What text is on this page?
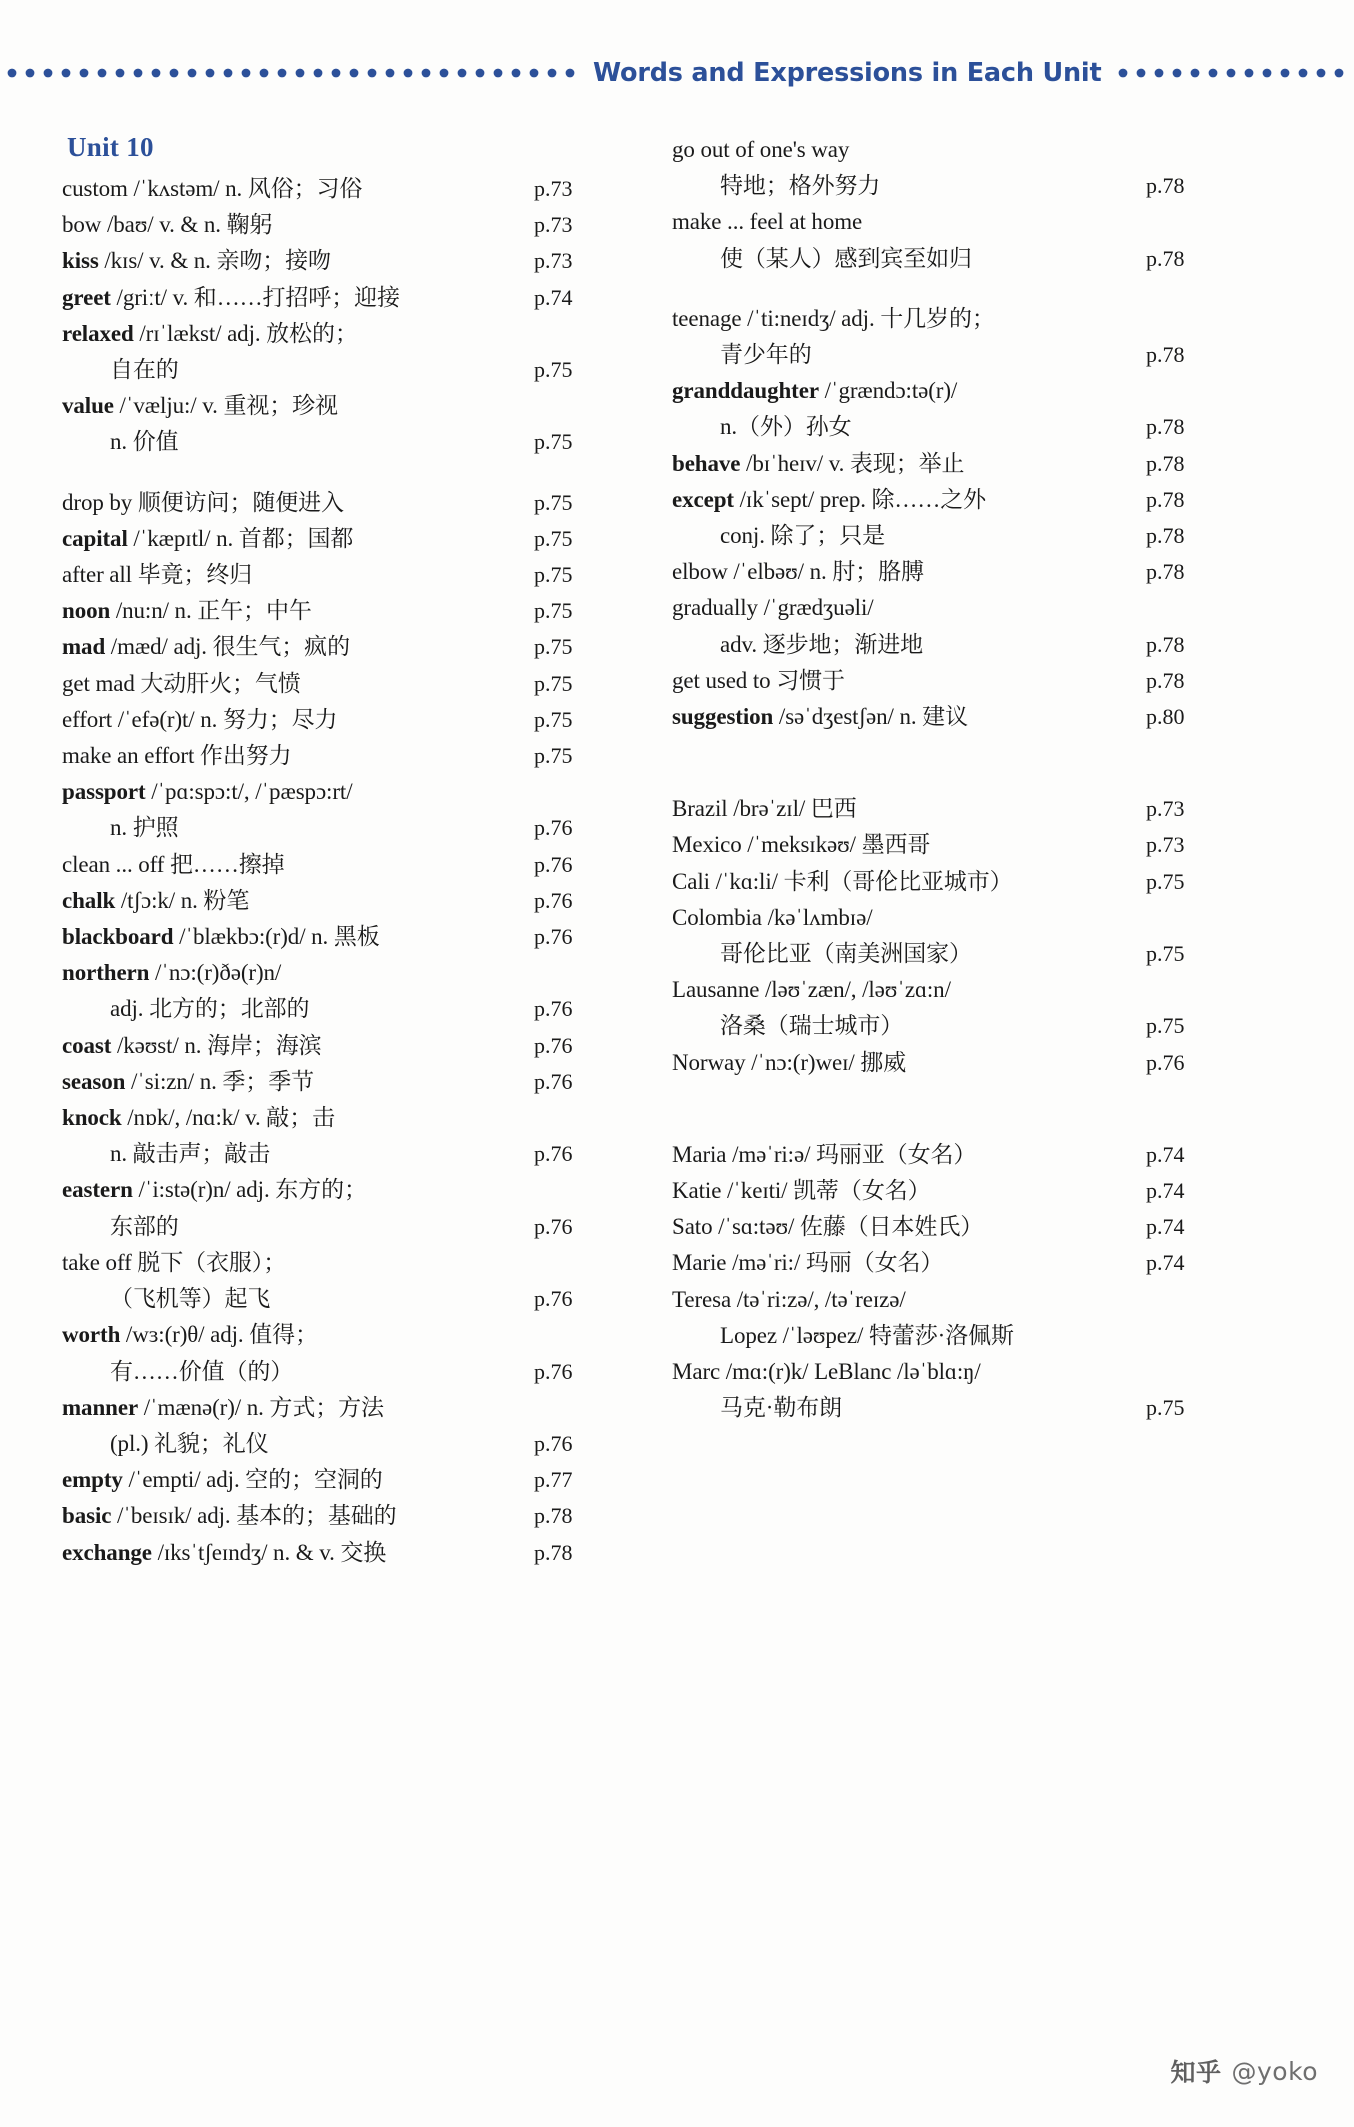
Words and Expressions in Each Unit
Unit 10
custom /ˈkʌstəm/ n. 风俗；习俗	p.73
bow /baʊ/ v. & n. 鞠躬	p.73
kiss /kɪs/ v. & n. 亲吻；接吻	p.73
greet /griːt/ v. 和……打招呼；迎接	p.74
relaxed /rɪˈlækst/ adj. 放松的；
自在的	p.75
value /ˈvælju:/ v. 重视；珍视
n. 价值	p.75
drop by 顺便访问；随便进入	p.75
capital /ˈkæpɪtl/ n. 首都；国都	p.75
after all 毕竟；终归	p.75
noon /nu:n/ n. 正午；中午	p.75
mad /mæd/ adj. 很生气；疯的	p.75
get mad 大动肝火；气愤	p.75
effort /ˈefə(r)t/ n. 努力；尽力	p.75
make an effort 作出努力	p.75
passport /ˈpɑ:spɔ:t/, /ˈpæspɔ:rt/
n. 护照	p.76
clean ... off 把……擦掉	p.76
chalk /tʃɔ:k/ n. 粉笔	p.76
blackboard /ˈblækbɔ:(r)d/ n. 黑板	p.76
northern /ˈnɔ:(r)ðə(r)n/
adj. 北方的；北部的	p.76
coast /kəʊst/ n. 海岸；海滨	p.76
season /ˈsi:zn/ n. 季；季节	p.76
knock /nɒk/, /nɑ:k/ v. 敲；击
n. 敲击声；敲击	p.76
eastern /ˈi:stə(r)n/ adj. 东方的；
东部的	p.76
take off 脱下（衣服）；
（飞机等）起飞	p.76
worth /wɜ:(r)θ/ adj. 值得；
有……价值（的）	p.76
manner /ˈmænə(r)/ n. 方式；方法
(pl.) 礼貌；礼仪	p.76
empty /ˈempti/ adj. 空的；空洞的	p.77
basic /ˈbeɪsɪk/ adj. 基本的；基础的	p.78
exchange /ɪksˈtʃeɪndʒ/ n. & v. 交换	p.78
go out of one's way
特地；格外努力	p.78
make ... feel at home
使（某人）感到宾至如归	p.78
teenage /ˈti:neɪdʒ/ adj. 十几岁的；
青少年的	p.78
granddaughter /ˈgrændɔ:tə(r)/
n.（外）孙女	p.78
behave /bɪˈheɪv/ v. 表现；举止	p.78
except /ɪkˈsept/ prep. 除……之外	p.78
conj. 除了；只是	p.78
elbow /ˈelbəʊ/ n. 肘；胳膊	p.78
gradually /ˈgrædʒuəli/
adv. 逐步地；渐进地	p.78
get used to 习惯于	p.78
suggestion /səˈdʒestʃən/ n. 建议	p.80
Brazil /brəˈzɪl/ 巴西	p.73
Mexico /ˈmeksɪkəʊ/ 墨西哥	p.73
Cali /ˈkɑ:li/ 卡利（哥伦比亚城市）	p.75
Colombia /kəˈlʌmbɪə/
哥伦比亚（南美洲国家）	p.75
Lausanne /ləʊˈzæn/, /ləʊˈzɑ:n/
洛桑（瑞士城市）	p.75
Norway /ˈnɔ:(r)weɪ/ 挪威	p.76
Maria /məˈri:ə/ 玛丽亚（女名）	p.74
Katie /ˈkeɪti/ 凯蒂（女名）	p.74
Sato /ˈsɑ:təʊ/ 佐藤（日本姓氏）	p.74
Marie /məˈri:/ 玛丽（女名）	p.74
Teresa /təˈri:zə/, /təˈreɪzə/
Lopez /ˈləʊpez/ 特蕾莎·洛佩斯
Marc /mɑ:(r)k/ LeBlanc /ləˈblɑ:ŋ/
马克·勒布朗	p.75
知乎 @yoko
